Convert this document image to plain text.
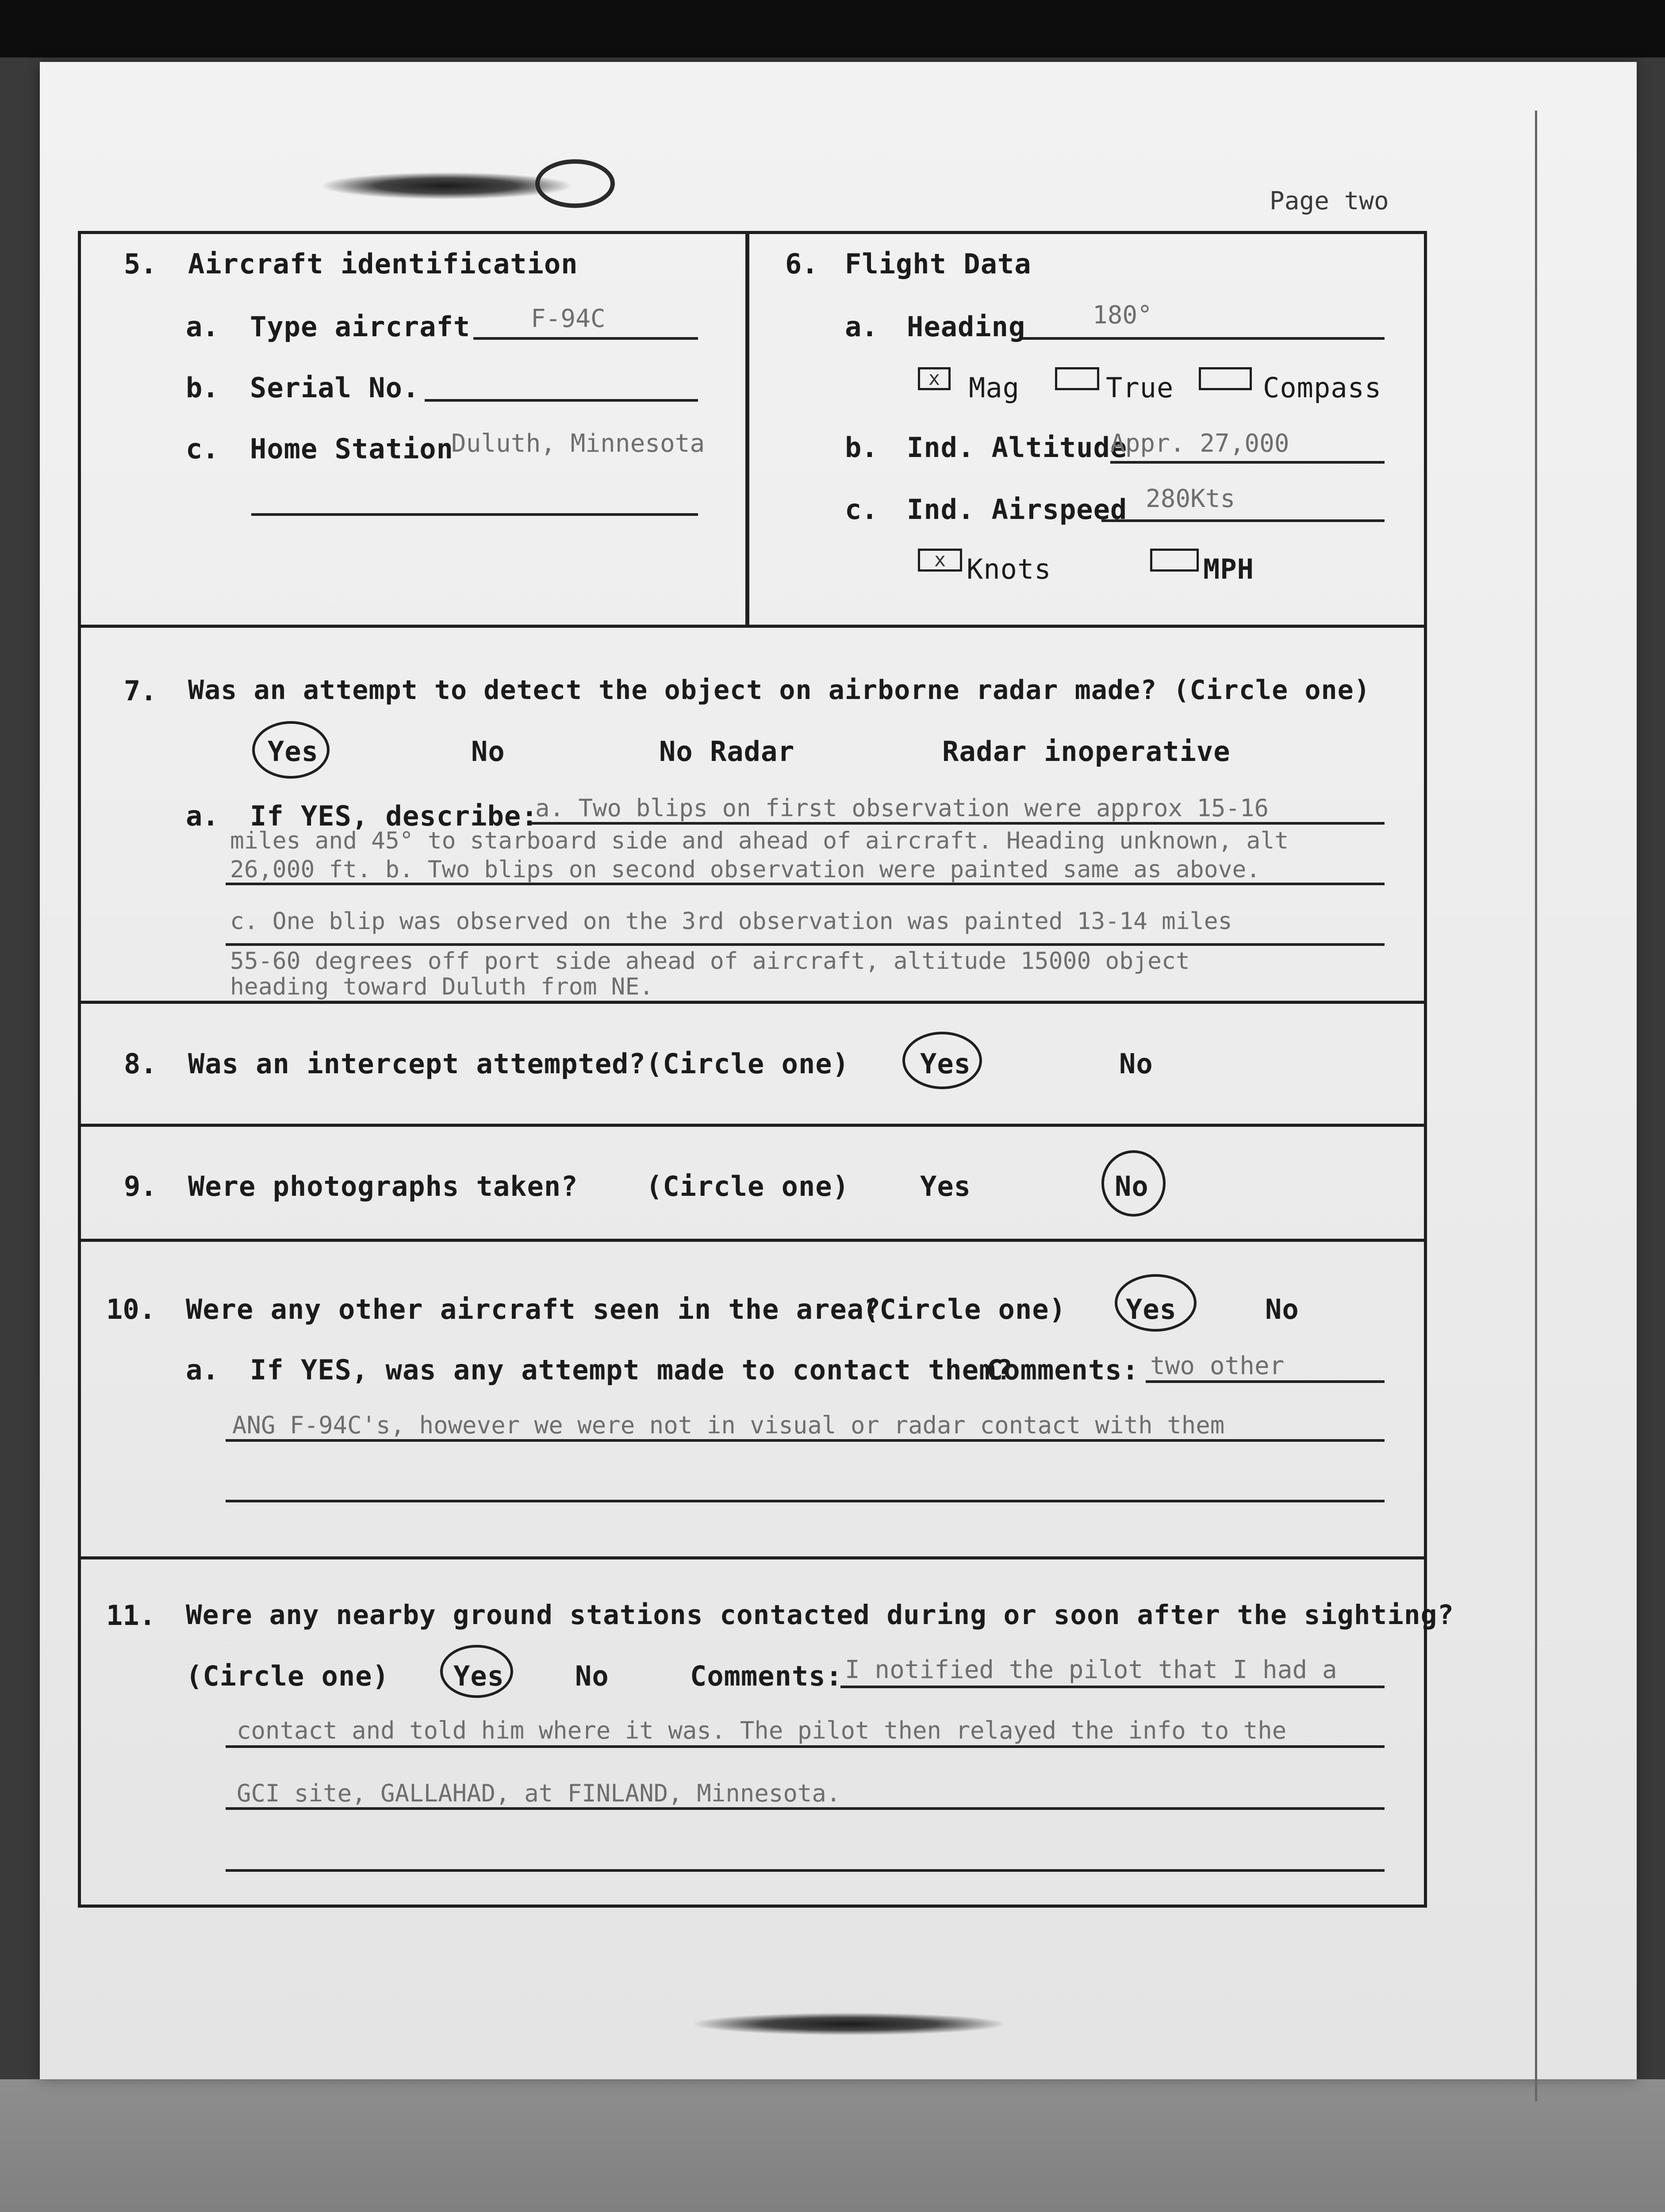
Page two
5. Aircraft identification
a. Type aircraft F-94C
b. Serial No.
c. Home Station
Duluth, Minnesota
6. Flight Data
a. Heading	180°
x	Mag	True	Compass
b. Ind. Altitude
Appr. 27,000
c. Ind. Airspeed 280Kts
x Knots	MPH
7. Was an attempt to detect the object on airborne radar made? (Circle one)
Yes	No	No Radar	Radar inoperative
a. If YES, describe:
a. Two blips on first observation were approx 15-16
miles and 45° to starboard side and ahead of aircraft. Heading unknown, alt
26,000 ft. b. Two blips on second observation were painted same as above.
c. One blip was observed on the 3rd observation was painted 13-14 miles
55-60 degrees off port side ahead of aircraft, altitude 15000 object
heading toward Duluth from NE.
8. Was an intercept attempted? (Circle one)	Yes	No
9. Were photographs taken? (Circle one)	Yes	No
10. Were any other aircraft seen in the area?
(Circle one) Yes	No
a. If YES, was any attempt made to contact them?
Comments: two other
ANG F-94C's, however we were not in visual or radar contact with them
11. Were any nearby ground stations contacted during or soon after the sighting?
(Circle one) Yes	No	Comments: I notified the pilot that I had a
contact and told him where it was. The pilot then relayed the info to the
GCI site, GALLAHAD, at FINLAND, Minnesota.
